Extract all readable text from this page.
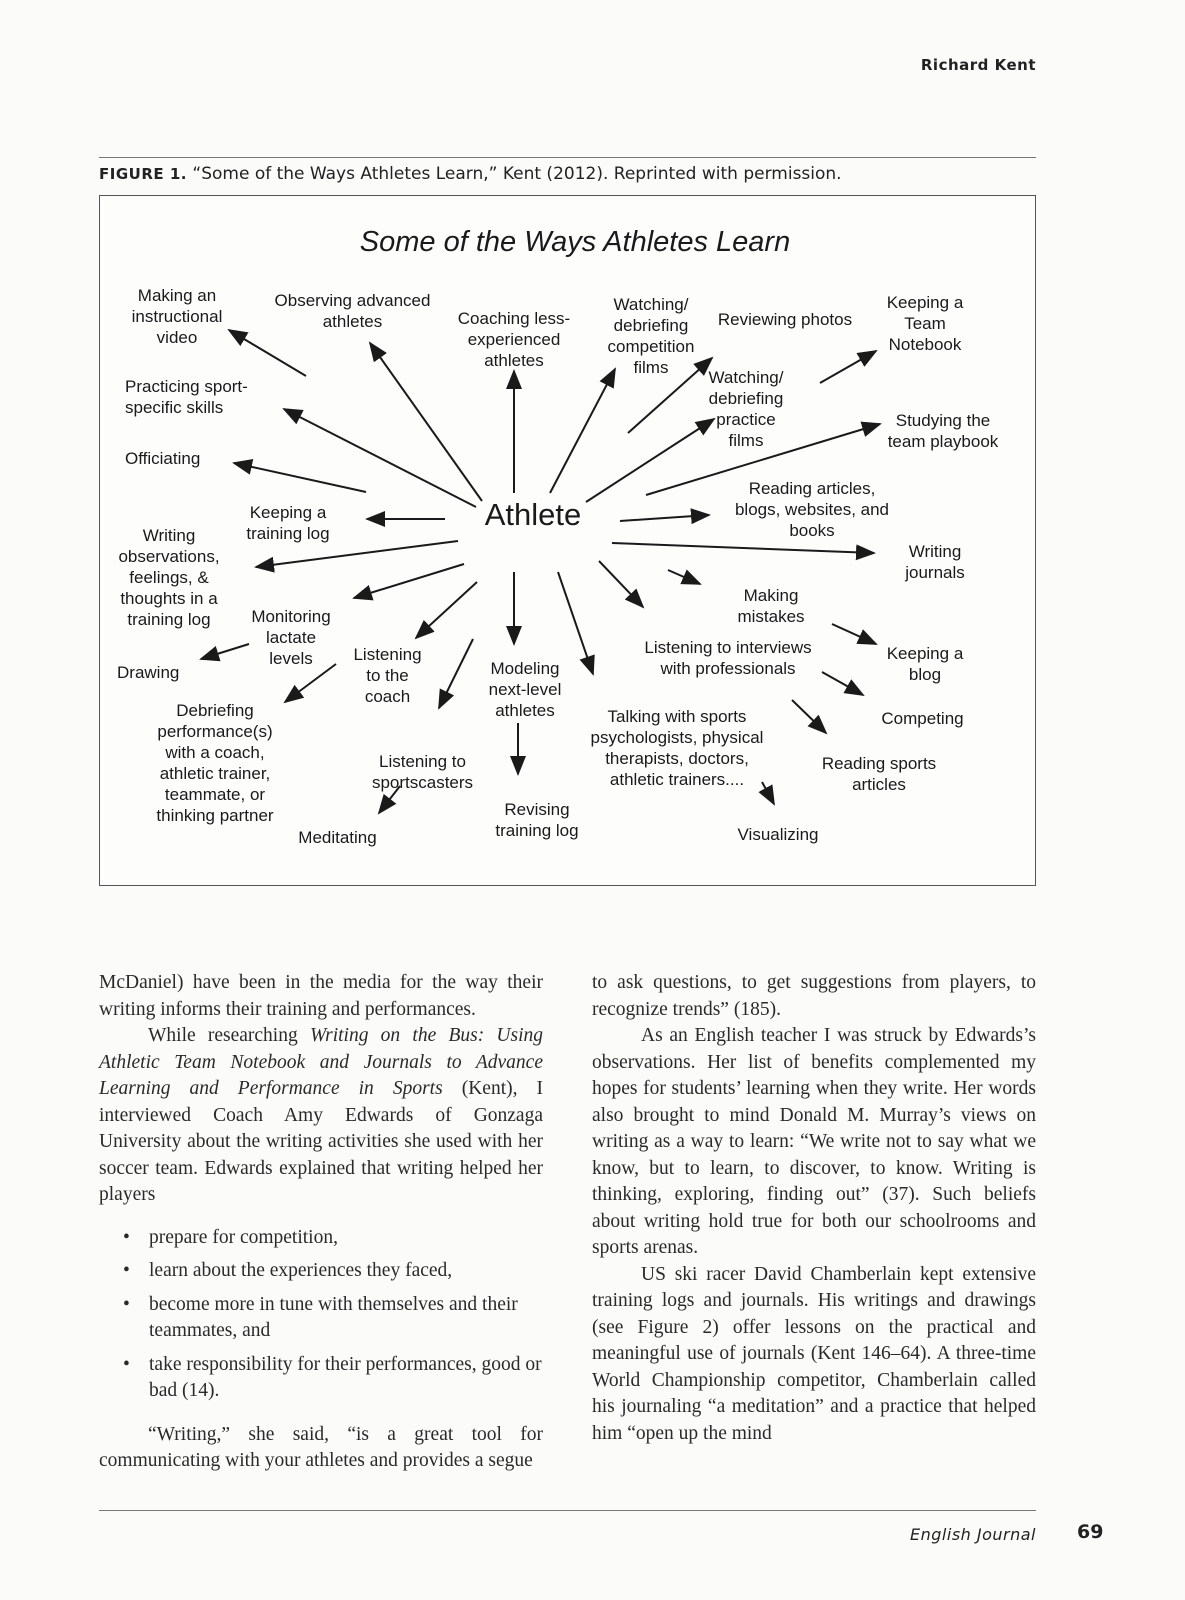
Richard Kent
FIGURE 1. “Some of the Ways Athletes Learn,” Kent (2012). Reprinted with permission.
Some of the Ways Athletes Learn
Athlete
Making an
instructional
video
Observing advanced
athletes	Coaching less-
experienced
athletes
Watching/
debriefing
competition
films
Reviewing photos
Keeping a
Team
Notebook
Practicing sport-
specific skills
Watching/
debriefing
practice
films
Studying the
team playbook
Officiating
Reading articles,
blogs, websites, and
books
Keeping a
training log
Writing
observations,
feelings, &
thoughts in a
training log
Writing
journals
Making
mistakes
Monitoring
lactate
levels
Drawing
Listening
to the
coach
Modeling
next-level
athletes
Listening to interviews
with professionals
Keeping a
blog
Debriefing
performance(s)
with a coach,
athletic trainer,
teammate, or
thinking partner
Talking with sports
psychologists, physical
therapists, doctors,
athletic trainers....
Competing
Listening to
sportscasters
Reading sports
articles
Revising
training log
Meditating	Visualizing

McDaniel) have been in the media for the way their writing informs their training and performances.

While researching Writing on the Bus: Using Athletic Team Notebook and Journals to Advance Learning and Performance in Sports (Kent), I interviewed Coach Amy Edwards of Gonzaga University about the writing activities she used with her soccer team. Edwards explained that writing helped her players

• prepare for competition,
• learn about the experiences they faced,
• become more in tune with themselves and their teammates, and
• take responsibility for their performances, good or bad (14).

“Writing,” she said, “is a great tool for communicating with your athletes and provides a segue

to ask questions, to get suggestions from players, to recognize trends” (185).

As an English teacher I was struck by Edwards’s observations. Her list of benefits complemented my hopes for students’ learning when they write. Her words also brought to mind Donald M. Murray’s views on writing as a way to learn: “We write not to say what we know, but to learn, to discover, to know. Writing is thinking, exploring, finding out” (37). Such beliefs about writing hold true for both our schoolrooms and sports arenas.

US ski racer David Chamberlain kept extensive training logs and journals. His writings and drawings (see Figure 2) offer lessons on the practical and meaningful use of journals (Kent 146–64). A three-time World Championship competitor, Chamberlain called his journaling “a meditation” and a practice that helped him “open up the mind

English Journal 69
